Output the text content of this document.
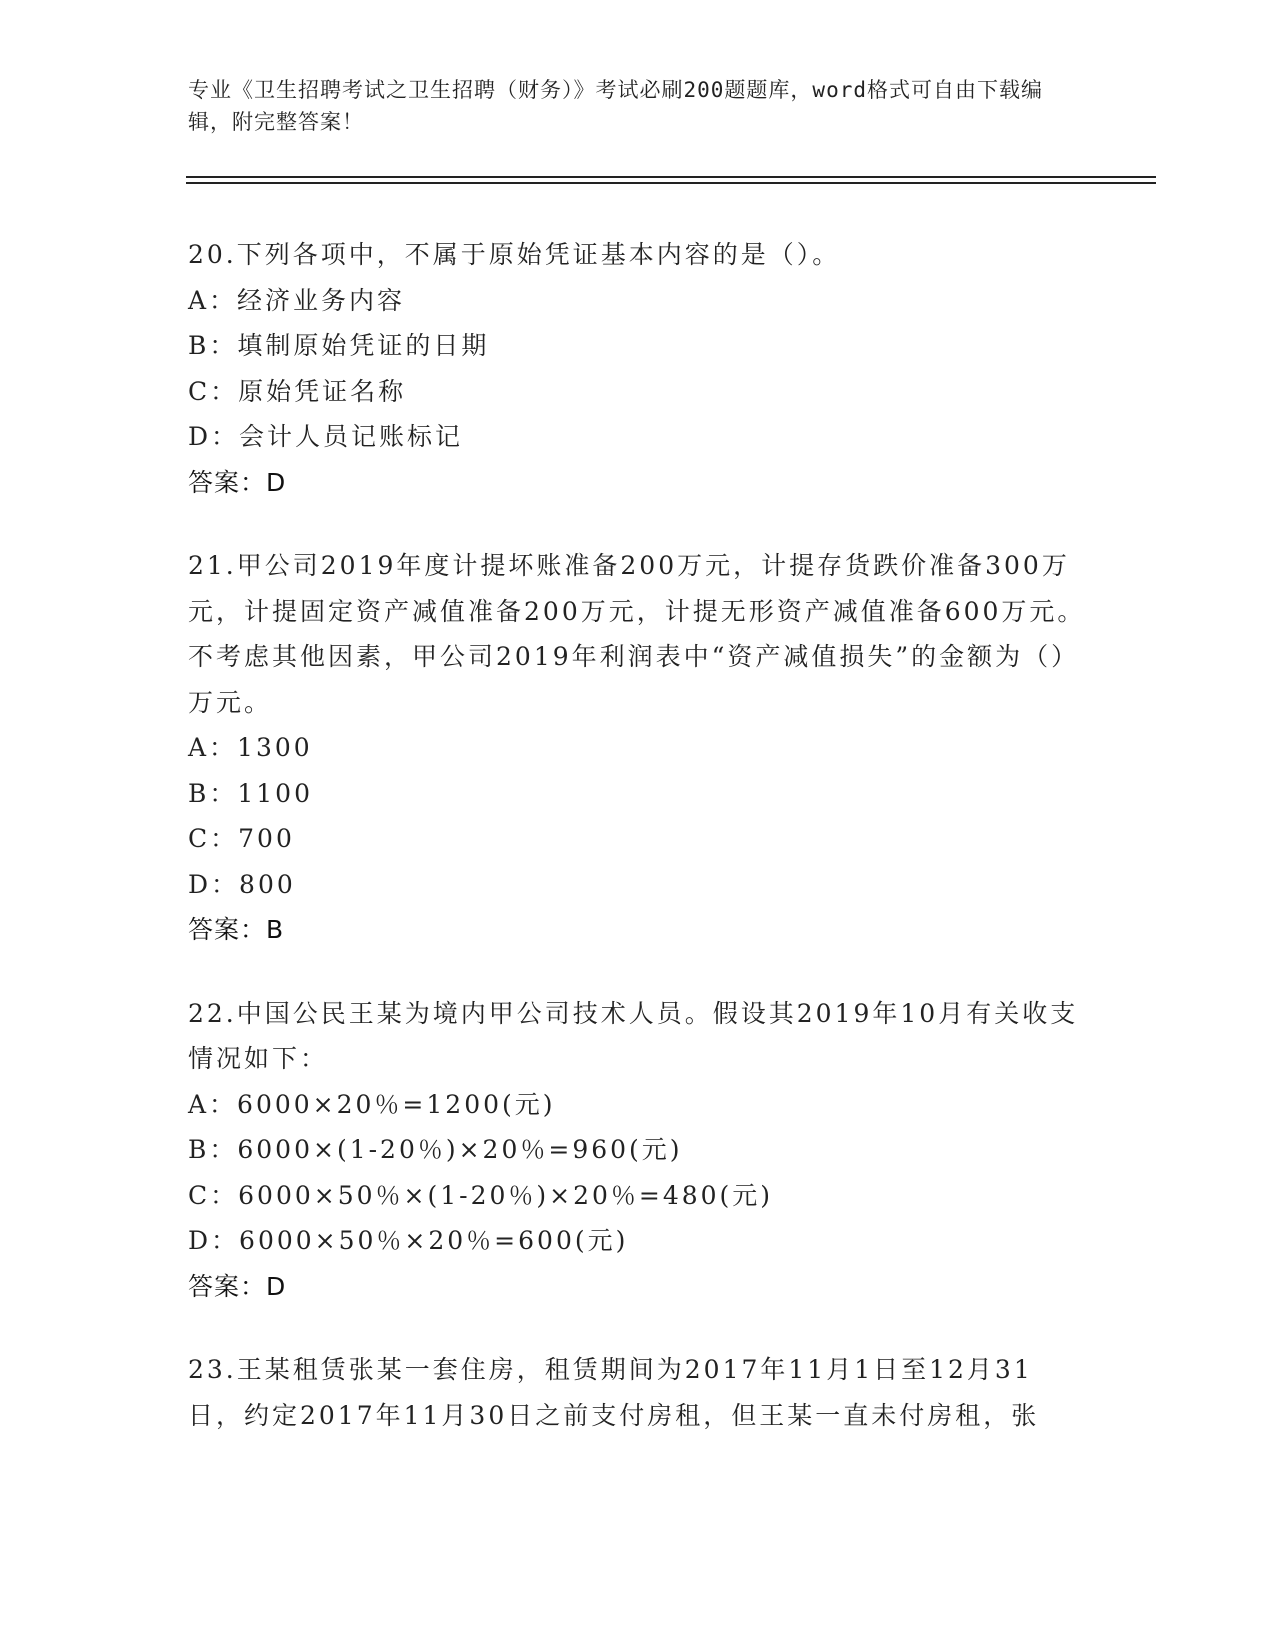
专业《卫生招聘考试之卫生招聘（财务）》考试必刷200题题库，word格式可自由下载编辑，附完整答案！

20.下列各项中，不属于原始凭证基本内容的是（）。

A：经济业务内容

B：填制原始凭证的日期

C：原始凭证名称

D：会计人员记账标记

答案：D

21.甲公司2019年度计提坏账准备200万元，计提存货跌价准备300万元，计提固定资产减值准备200万元，计提无形资产减值准备600万元。不考虑其他因素，甲公司2019年利润表中“资产减值损失”的金额为（）万元。

A：1300

B：1100

C：700

D：800

答案：B

22.中国公民王某为境内甲公司技术人员。假设其2019年10月有关收支情况如下：

A：6000×20％=1200(元)

B：6000×(1-20％)×20％=960(元)

C：6000×50％×(1-20％)×20％=480(元)

D：6000×50％×20％=600(元)

答案：D

23.王某租赁张某一套住房，租赁期间为2017年11月1日至12月31日，约定2017年11月30日之前支付房租，但王某一直未付房租，张
